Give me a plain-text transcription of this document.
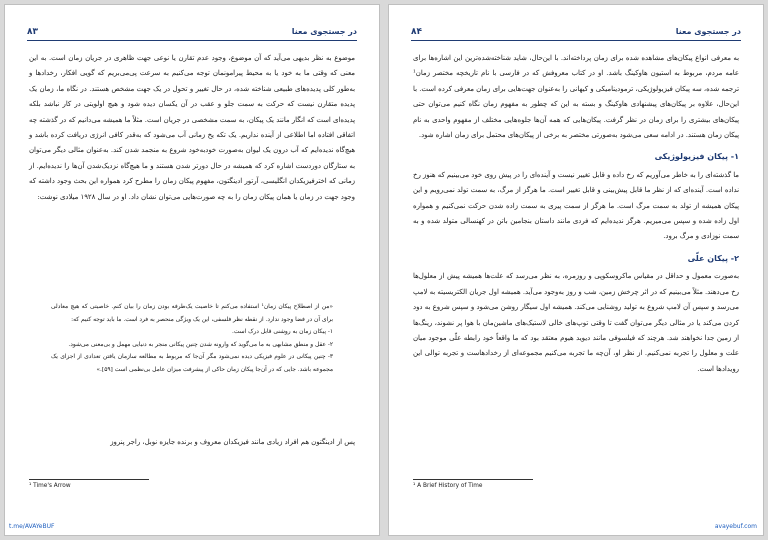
۸۳	در جستجوی معنا

موضوع به نظر بدیهی می‌آید که آن موضوع، وجود عدم تقارن یا نوعی جهت ظاهری در جریان زمان است. به این معنی که وقتی ما به خود یا به محیط پیرامونمان توجه می‌کنیم به سرعت پی‌می‌بریم که گویی افکار، رخدادها و به‌طور کلی پدیده‌های طبیعی شناخته شده، در حال تغییر و تحول در یک جهت مشخص هستند. در نگاه ما، زمان یک پدیده متقارن نیست که حرکت به سمت جلو و عقب در آن یکسان دیده شود و هیچ اولویتی در کار نباشد بلکه پدیده‌ای است که انگار مانند یک پیکان، به سمت مشخصی در جریان است. مثلاً ما همیشه می‌دانیم که در گذشته چه اتفاقی افتاده اما اطلاعی از آینده نداریم. یک تکه یخ زمانی آب می‌شود که به‌قدر کافی انرژی دریافت کرده باشد و هیچ‌گاه ندیده‌ایم که آب درون یک لیوان به‌صورت خودبه‌خود شروع به منجمد شدن کند. به‌عنوان مثالی دیگر می‌توان به ستارگان دوردست اشاره کرد که همیشه در حال دورتر شدن هستند و ما هیچ‌گاه نزدیک‌شدن آن‌ها را ندیده‌ایم. از زمانی که اخترفیزیکدان انگلیسی، آرتور ادینگتون، مفهوم پیکان زمان را مطرح کرد همواره این بحث وجود داشته که وجود جهت در زمان یا همان پیکان زمان را به چه صورت‌هایی می‌توان نشان داد. او در سال ۱۹۲۸ میلادی نوشت:

«من از اصطلاح پیکان زمان¹ استفاده می‌کنم تا خاصیت یک‌طرفه بودن زمان را بیان کنم. خاصیتی که هیچ معادلی برای آن در فضا وجود ندارد. از نقطه نظر فلسفی، این یک ویژگی منحصر به فرد است. ما باید توجه کنیم که:

۱- پیکان زمان به روشنی قابل درک است.

۲- عقل و منطق مشابهی به ما می‌گوید که وارونه شدن چنین پیکانی منجر به دنیایی مهمل و بی‌معنی می‌شود.

۳- چنین پیکانی در علوم فیزیکی دیده نمی‌شود مگر آن‌جا که مربوط به مطالعه سازمان یافتن تعدادی از اجزای یک مجموعه باشد. جایی که در آن‌جا پیکان زمان حاکی از پیشرفت میزان عامل بی‌نظمی است [۵۹].»

پس از ادینگتون هم افراد زیادی مانند فیزیکدان معروف و برنده جایزه نوبل، راجر پنروز

¹ Time's Arrow
t.me/AVAYeBUF
۸۴	در جستجوی معنا

به معرفی انواع پیکان‌های مشاهده شده برای زمان پرداخته‌اند. با این‌حال، شاید شناخته‌شده‌ترین این اشاره‌ها برای عامه مردم، مربوط به استیون هاوکینگ باشد. او در کتاب معروفش که در فارسی با نام تاریخچه مختصر زمان¹ ترجمه شده، سه پیکان فیزیولوژیکی، ترمودینامیکی و کیهانی را به‌عنوان جهت‌هایی برای زمان معرفی کرده است. با این‌حال، علاوه بر پیکان‌های پیشنهادی هاوکینگ و بسته به این که چطور به مفهوم زمان نگاه کنیم می‌توان حتی پیکان‌های بیشتری را برای زمان در نظر گرفت. پیکان‌هایی که همه آن‌ها جلوه‌هایی مختلف از مفهوم واحدی به نام پیکان زمان هستند. در ادامه سعی می‌شود به‌صورتی مختصر به برخی از پیکان‌های محتمل برای زمان اشاره شود.

۱- پیکان فیزیولوژیکی

ما گذشته‌ای را به خاطر می‌آوریم که رخ داده و قابل تغییر نیست و آینده‌ای را در پیش روی خود می‌بینیم که هنوز رخ نداده است. آینده‌ای که از نظر ما قابل پیش‌بینی و قابل تغییر است. ما هرگز از مرگ، به سمت تولد نمی‌رویم و این پیکان همیشه از تولد به سمت مرگ است. ما هرگز از سمت پیری به سمت زاده شدن حرکت نمی‌کنیم و همواره اول زاده شده و سپس می‌میریم. هرگز ندیده‌ایم که فردی مانند داستان بنجامین باتن در کهنسالی متولد شده و به سمت نوزادی و مرگ برود.

۲- پیکان علّی

به‌صورت معمول و حداقل در مقیاس ماکروسکوپی و روزمره، به نظر می‌رسد که علت‌ها همیشه پیش از معلول‌ها رخ می‌دهند. مثلاً می‌بینیم که در اثر چرخش زمین، شب و روز به‌وجود می‌آید. همیشه اول جریان الکتریسیته به لامپ می‌رسد و سپس آن لامپ شروع به تولید روشنایی می‌کند. همیشه اول سیگار روشن می‌شود و سپس شروع به دود کردن می‌کند یا در مثالی دیگر می‌توان گفت تا وقتی توپ‌های خالی لاستیک‌های ماشین‌مان با هوا پر نشوند، رینگ‌ها از زمین جدا نخواهند شد. هرچند که فیلسوفی مانند دیوید هیوم معتقد بود که ما واقعاً خود رابطه علّی موجود میان علت و معلول را تجربه نمی‌کنیم. از نظر او، آن‌چه ما تجربه می‌کنیم مجموعه‌ای از رخدادهاست و تجربه توالی این رویدادها است.

¹ A Brief History of Time
avayebuf.com
